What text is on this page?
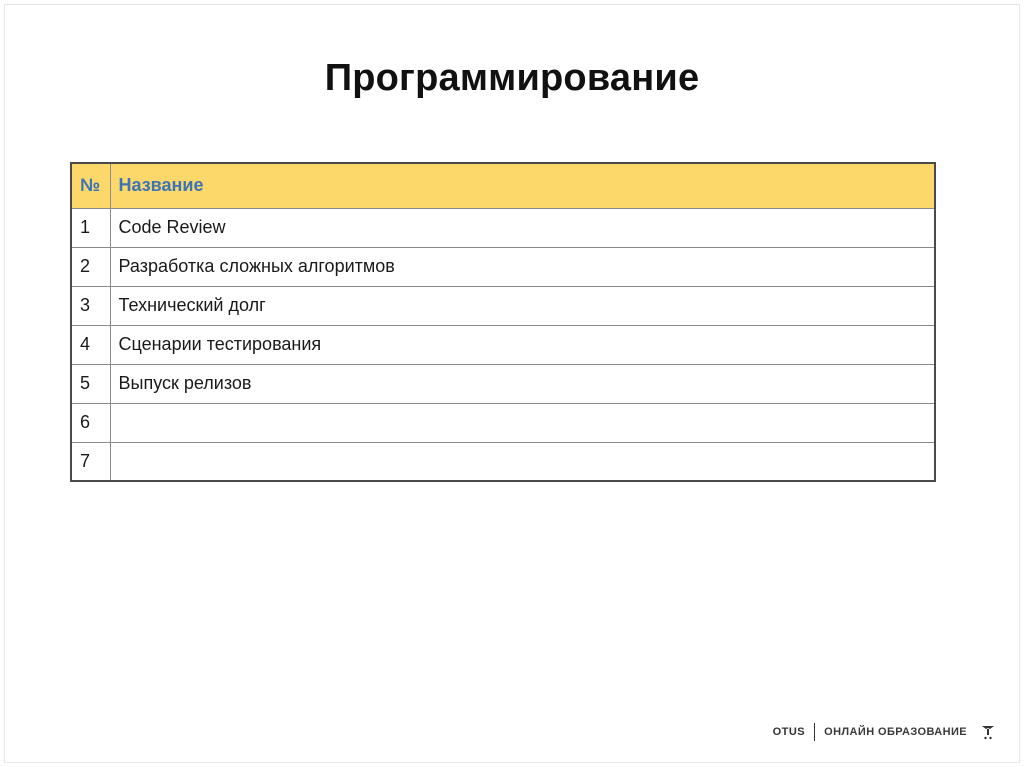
Программирование
№	Название
1	Code Review
2	Разработка сложных алгоритмов
3	Технический долг
4	Сценарии тестирования
5	Выпуск релизов
6	
7	
OTUS ОНЛАЙН ОБРАЗОВАНИЕ
